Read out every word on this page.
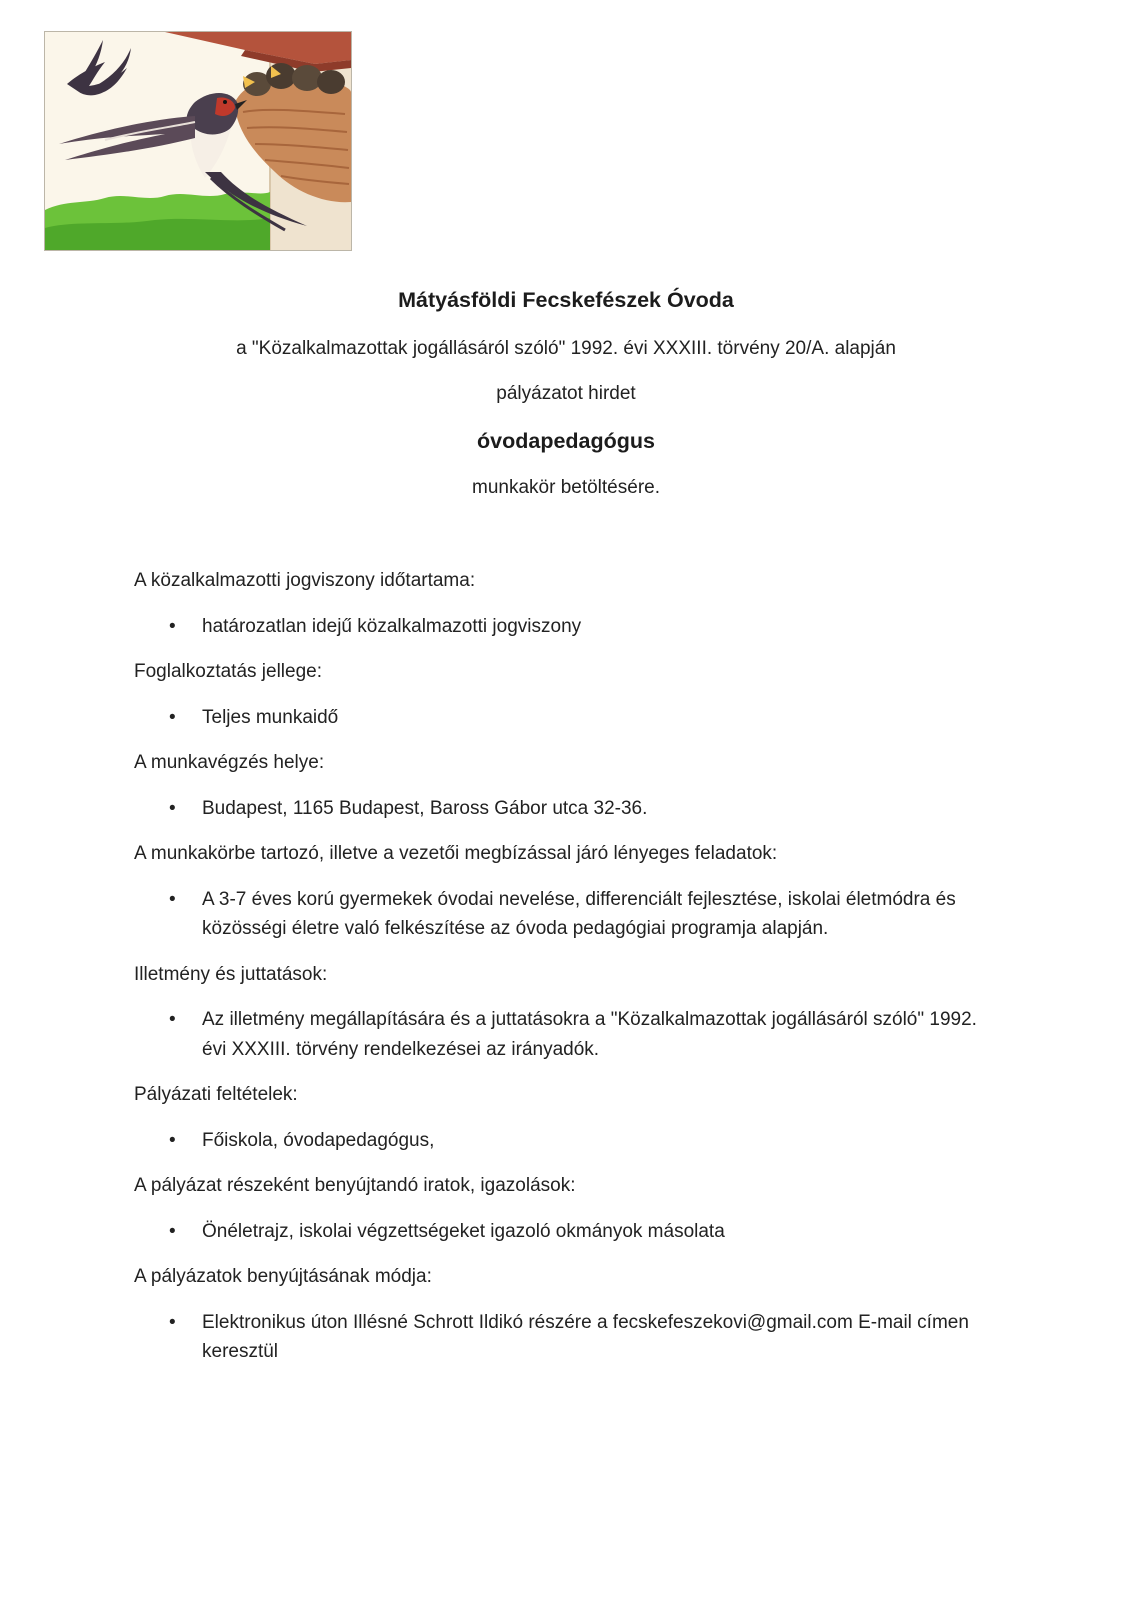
Mátyásföldi Fecskefészek Óvoda
a "Közalkalmazottak jogállásáról szóló" 1992. évi XXXIII. törvény 20/A. alapján
pályázatot hirdet
óvodapedagógus
munkakör betöltésére.

A közalkalmazotti jogviszony időtartama:

• határozatlan idejű közalkalmazotti jogviszony

Foglalkoztatás jellege:

• Teljes munkaidő

A munkavégzés helye:

• Budapest, 1165 Budapest, Baross Gábor utca 32-36.

A munkakörbe tartozó, illetve a vezetői megbízással járó lényeges feladatok:

• A 3-7 éves korú gyermekek óvodai nevelése, differenciált fejlesztése, iskolai életmódra és közösségi életre való felkészítése az óvoda pedagógiai programja alapján.

Illetmény és juttatások:

• Az illetmény megállapítására és a juttatásokra a "Közalkalmazottak jogállásáról szóló" 1992. évi XXXIII. törvény rendelkezései az irányadók.

Pályázati feltételek:

• Főiskola, óvodapedagógus,

A pályázat részeként benyújtandó iratok, igazolások:

• Önéletrajz, iskolai végzettségeket igazoló okmányok másolata

A pályázatok benyújtásának módja:

• Elektronikus úton Illésné Schrott Ildikó részére a fecskefeszekovi@gmail.com E-mail címen keresztül
